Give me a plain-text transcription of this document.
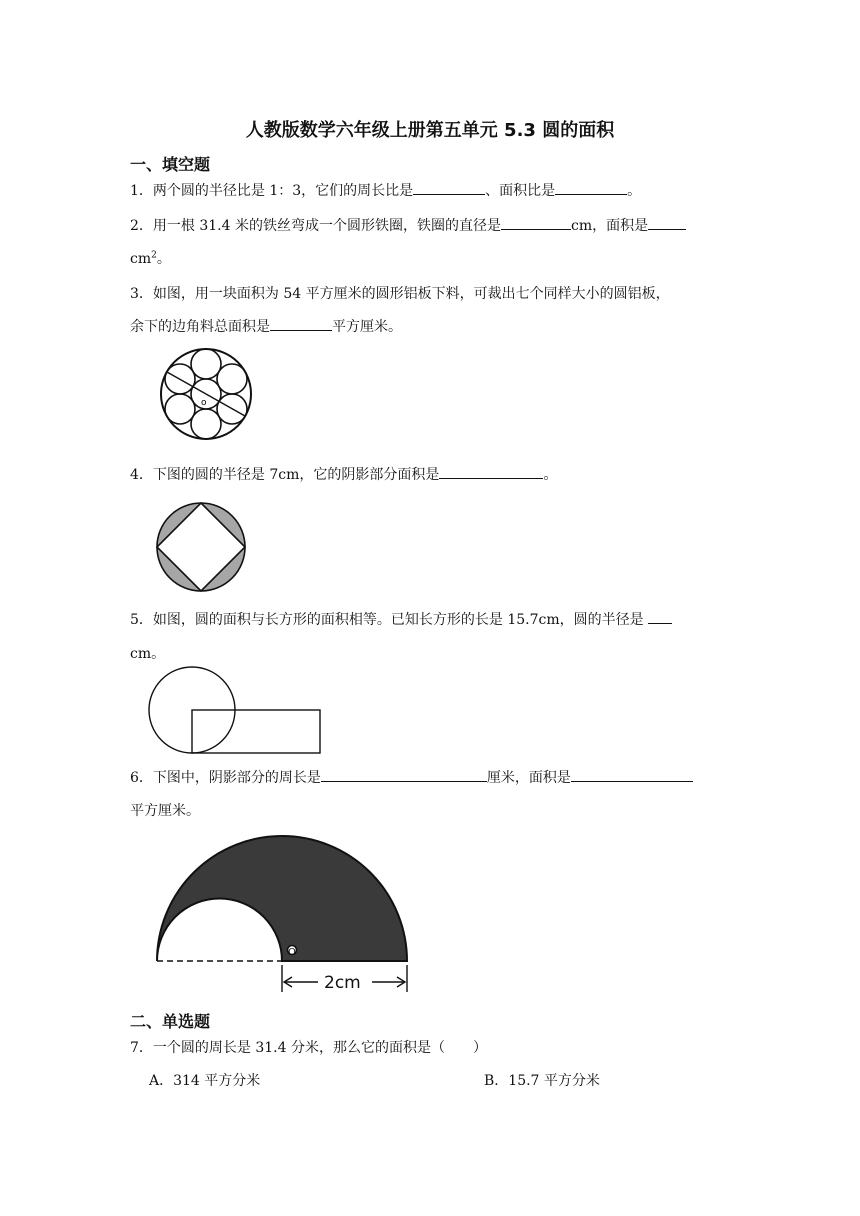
人教版数学六年级上册第五单元 5.3 圆的面积
一、填空题
1．两个圆的半径比是 1：3，它们的周长比是	、面积比是	。
2．用一根 31.4 米的铁丝弯成一个圆形铁圈，铁圈的直径是	cm，面积是
$cm^2$。
3．如图，用一块面积为 54 平方厘米的圆形铝板下料，可裁出七个同样大小的圆铝板，
余下的边角料总面积是	平方厘米。
o
4．下图的圆的半径是 7cm，它的阴影部分面积是	。
5．如图，圆的面积与长方形的面积相等。已知长方形的长是 15.7cm，圆的半径是
cm。
6．下图中，阴影部分的周长是	厘米，面积是
平方厘米。
O
2cm
二、单选题
7．一个圆的周长是 31.4 分米，那么它的面积是（　　）
A．314 平方分米	B．15.7 平方分米
